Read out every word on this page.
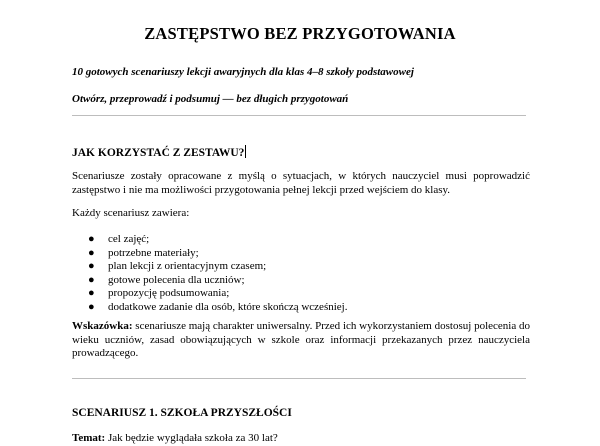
ZASTĘPSTWO BEZ PRZYGOTOWANIA

10 gotowych scenariuszy lekcji awaryjnych dla klas 4–8 szkoły podstawowej

Otwórz, przeprowadź i podsumuj — bez długich przygotowań

JAK KORZYSTAĆ Z ZESTAWU?

Scenariusze zostały opracowane z myślą o sytuacjach, w których nauczyciel musi poprowadzić zastępstwo i nie ma możliwości przygotowania pełnej lekcji przed wejściem do klasy.

Każdy scenariusz zawiera:

● cel zajęć;
● potrzebne materiały;
● plan lekcji z orientacyjnym czasem;
● gotowe polecenia dla uczniów;
● propozycję podsumowania;
● dodatkowe zadanie dla osób, które skończą wcześniej.

Wskazówka: scenariusze mają charakter uniwersalny. Przed ich wykorzystaniem dostosuj polecenia do wieku uczniów, zasad obowiązujących w szkole oraz informacji przekazanych przez nauczyciela prowadzącego.

SCENARIUSZ 1. SZKOŁA PRZYSZŁOŚCI

Temat: Jak będzie wyglądała szkoła za 30 lat?
